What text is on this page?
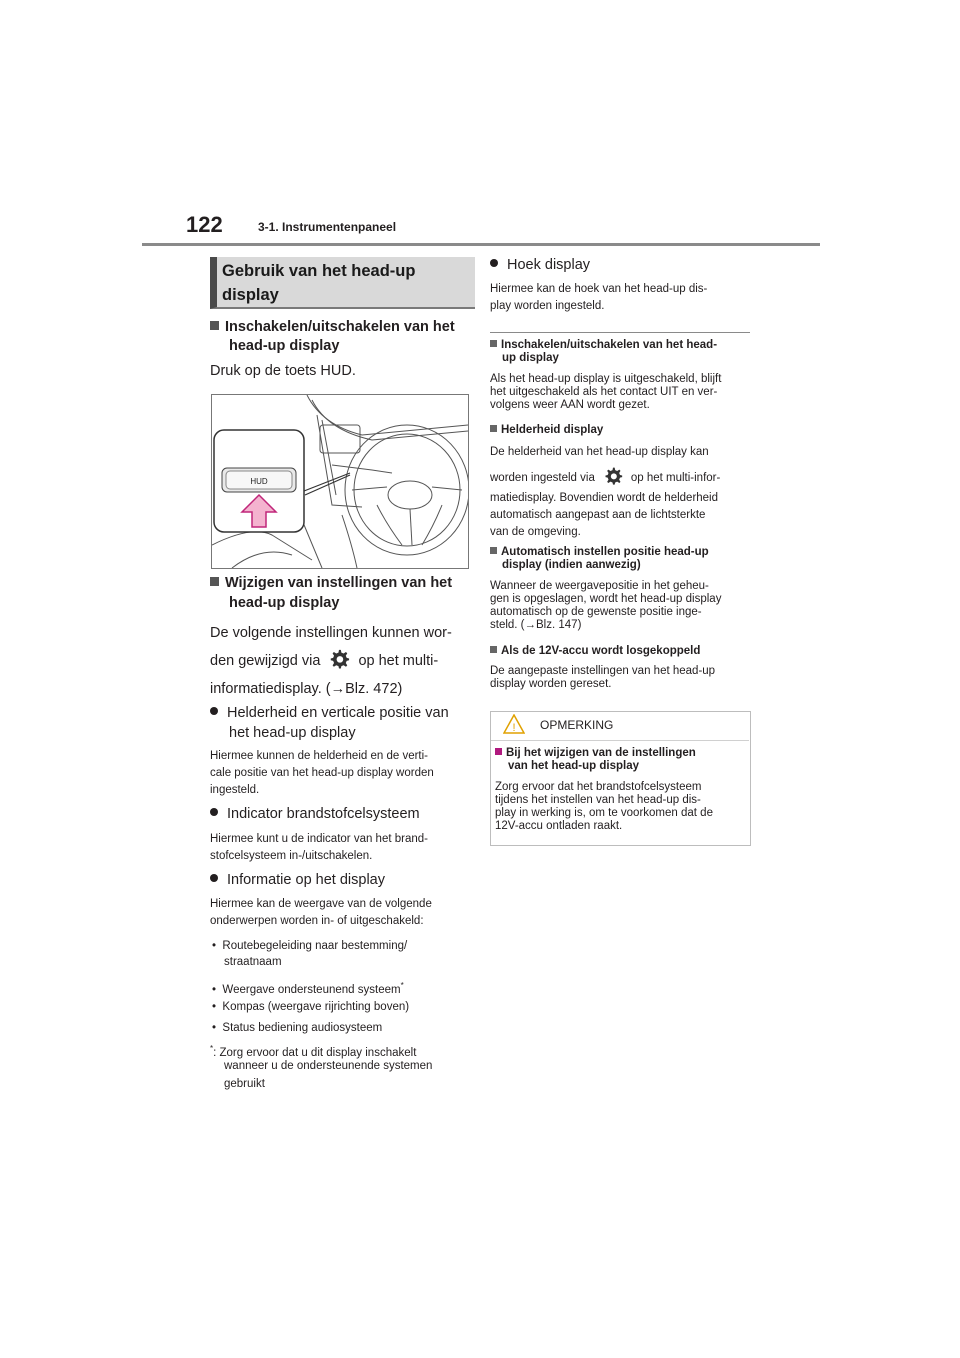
122	3-1. Instrumentenpaneel
Gebruik van het head-up display
Inschakelen/uitschakelen van het
head-up display
Druk op de toets HUD.
HUD
Wijzigen van instellingen van het
head-up display
De volgende instellingen kunnen wor-
den gewijzigd via	op het multi-
informatiedisplay. (→Blz. 472)
Helderheid en verticale positie van
het head-up display
Hiermee kunnen de helderheid en de verti-
cale positie van het head-up display worden
ingesteld.
Indicator brandstofcelsysteem
Hiermee kunt u de indicator van het brand-
stofcelsysteem in-/uitschakelen.
Informatie op het display
Hiermee kan de weergave van de volgende
onderwerpen worden in- of uitgeschakeld:
• Routebegeleiding naar bestemming/
straatnaam
• Weergave ondersteunend systeem*
• Kompas (weergave rijrichting boven)
• Status bediening audiosysteem
*: Zorg ervoor dat u dit display inschakelt
wanneer u de ondersteunende systemen
gebruikt
Hoek display
Hiermee kan de hoek van het head-up dis-
play worden ingesteld.
Inschakelen/uitschakelen van het head-
up display
Als het head-up display is uitgeschakeld, blijft
het uitgeschakeld als het contact UIT en ver-
volgens weer AAN wordt gezet.
Helderheid display
De helderheid van het head-up display kan
worden ingesteld via	op het multi-infor-
matiedisplay. Bovendien wordt de helderheid
automatisch aangepast aan de lichtsterkte
van de omgeving.
Automatisch instellen positie head-up
display (indien aanwezig)
Wanneer de weergavepositie in het geheu-
gen is opgeslagen, wordt het head-up display
automatisch op de gewenste positie inge-
steld. (→Blz. 147)
Als de 12V-accu wordt losgekoppeld
De aangepaste instellingen van het head-up
display worden gereset.
! OPMERKING
Bij het wijzigen van de instellingen
van het head-up display
Zorg ervoor dat het brandstofcelsysteem
tijdens het instellen van het head-up dis-
play in werking is, om te voorkomen dat de
12V-accu ontladen raakt.
